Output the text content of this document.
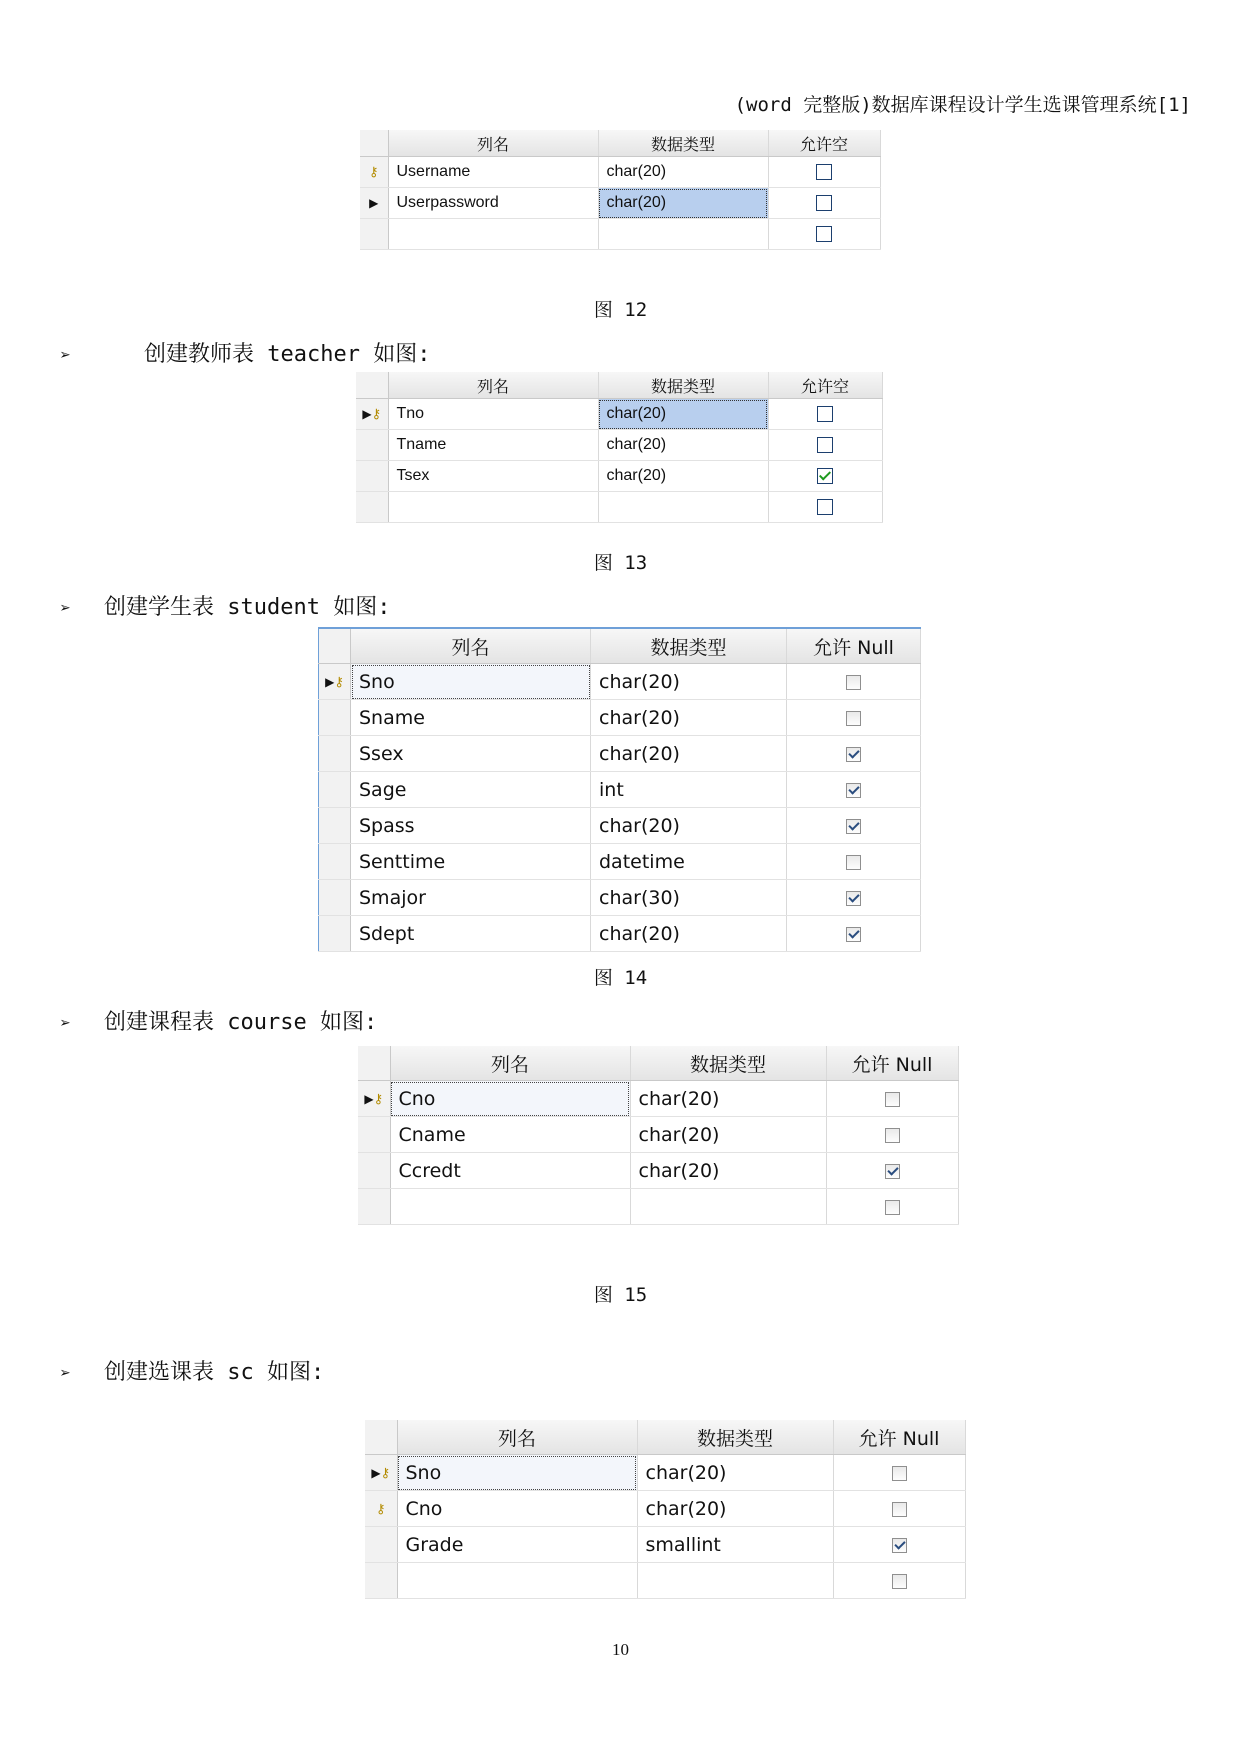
(word 完整版)数据库课程设计学生选课管理系统[1]
	列名	数据类型	允许空
⚷	Username	char(20)	
▶	Userpassword	char(20)	

图 12
➢	创建教师表 teacher 如图:
	列名	数据类型	允许空
▶⚷	Tno	char(20)	
	Tname	char(20)	
	Tsex	char(20)	

图 13
➢ 创建学生表 student 如图:
	列名	数据类型	允许 Null
▶⚷	Sno	char(20)	
	Sname	char(20)	
	Ssex	char(20)	
	Sage	int	
	Spass	char(20)	
	Senttime	datetime	
	Smajor	char(30)	
	Sdept	char(20)	
图 14
➢ 创建课程表 course 如图:
	列名	数据类型	允许 Null
▶⚷	Cno	char(20)	
	Cname	char(20)	
	Ccredt	char(20)	

图 15
➢ 创建选课表 sc 如图:
	列名	数据类型	允许 Null
▶⚷	Sno	char(20)	
⚷	Cno	char(20)	
	Grade	smallint	

10
